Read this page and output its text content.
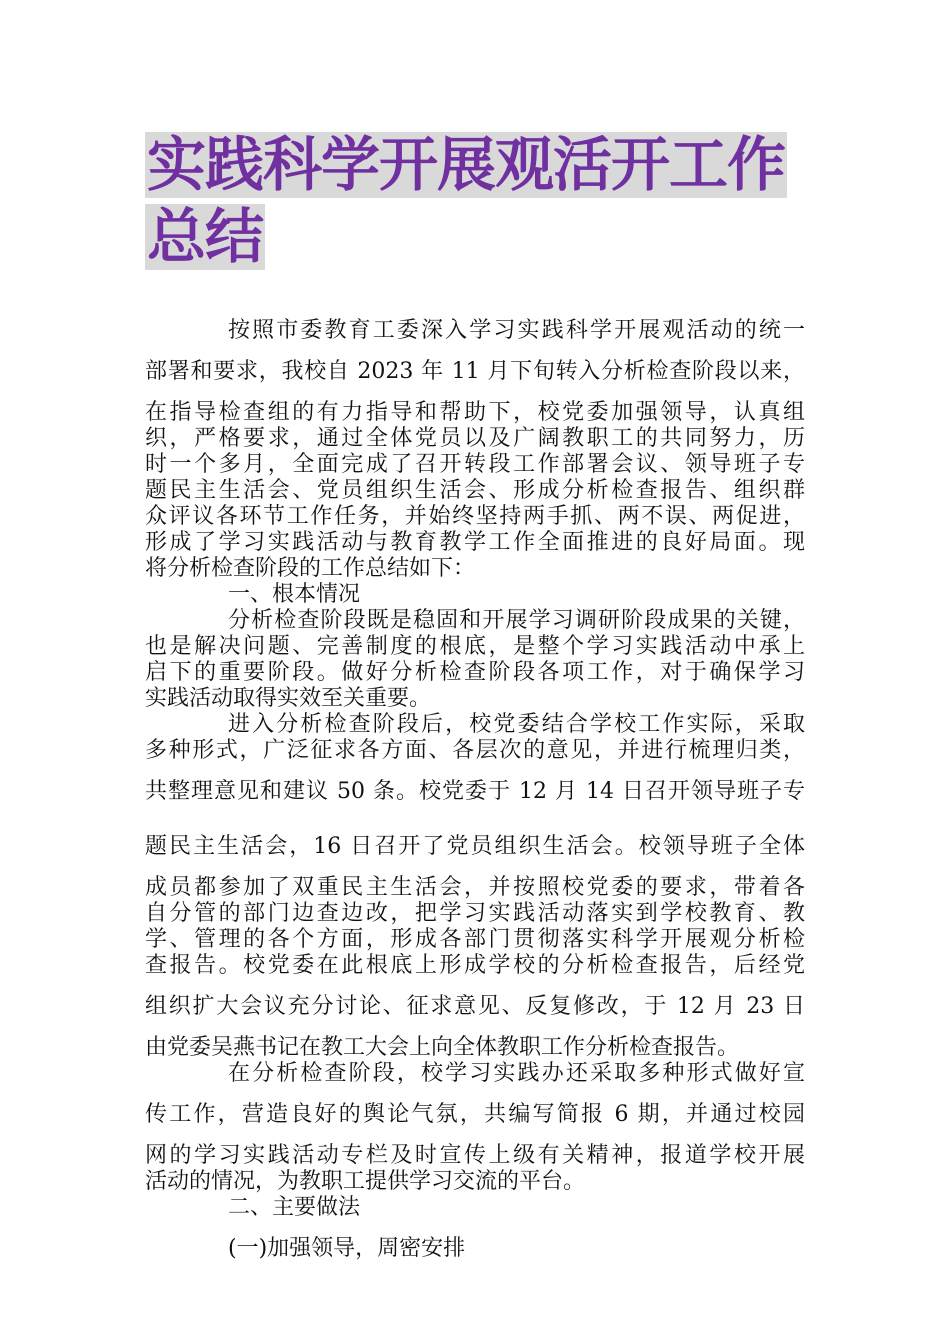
实践科学开展观活开工作
总结
按照市委教育工委深入学习实践科学开展观活动的统一
部署和要求，我校自 2023 年 11 月下旬转入分析检查阶段以来，
在指导检查组的有力指导和帮助下，校党委加强领导，认真组
织，严格要求，通过全体党员以及广阔教职工的共同努力，历
时一个多月，全面完成了召开转段工作部署会议、领导班子专
题民主生活会、党员组织生活会、形成分析检查报告、组织群
众评议各环节工作任务，并始终坚持两手抓、两不误、两促进，
形成了学习实践活动与教育教学工作全面推进的良好局面。现
将分析检查阶段的工作总结如下：
一、根本情况
分析检查阶段既是稳固和开展学习调研阶段成果的关键，
也是解决问题、完善制度的根底，是整个学习实践活动中承上
启下的重要阶段。做好分析检查阶段各项工作，对于确保学习
实践活动取得实效至关重要。
进入分析检查阶段后，校党委结合学校工作实际，采取
多种形式，广泛征求各方面、各层次的意见，并进行梳理归类，
共整理意见和建议 50 条。校党委于 12 月 14 日召开领导班子专
题民主生活会，16 日召开了党员组织生活会。校领导班子全体
成员都参加了双重民主生活会，并按照校党委的要求，带着各
自分管的部门边查边改，把学习实践活动落实到学校教育、教
学、管理的各个方面，形成各部门贯彻落实科学开展观分析检
查报告。校党委在此根底上形成学校的分析检查报告，后经党
组织扩大会议充分讨论、征求意见、反复修改，于 12 月 23 日
由党委吴燕书记在教工大会上向全体教职工作分析检查报告。
在分析检查阶段，校学习实践办还采取多种形式做好宣
传工作，营造良好的舆论气氛，共编写简报 6 期，并通过校园
网的学习实践活动专栏及时宣传上级有关精神，报道学校开展
活动的情况，为教职工提供学习交流的平台。
二、主要做法
(一)加强领导，周密安排
